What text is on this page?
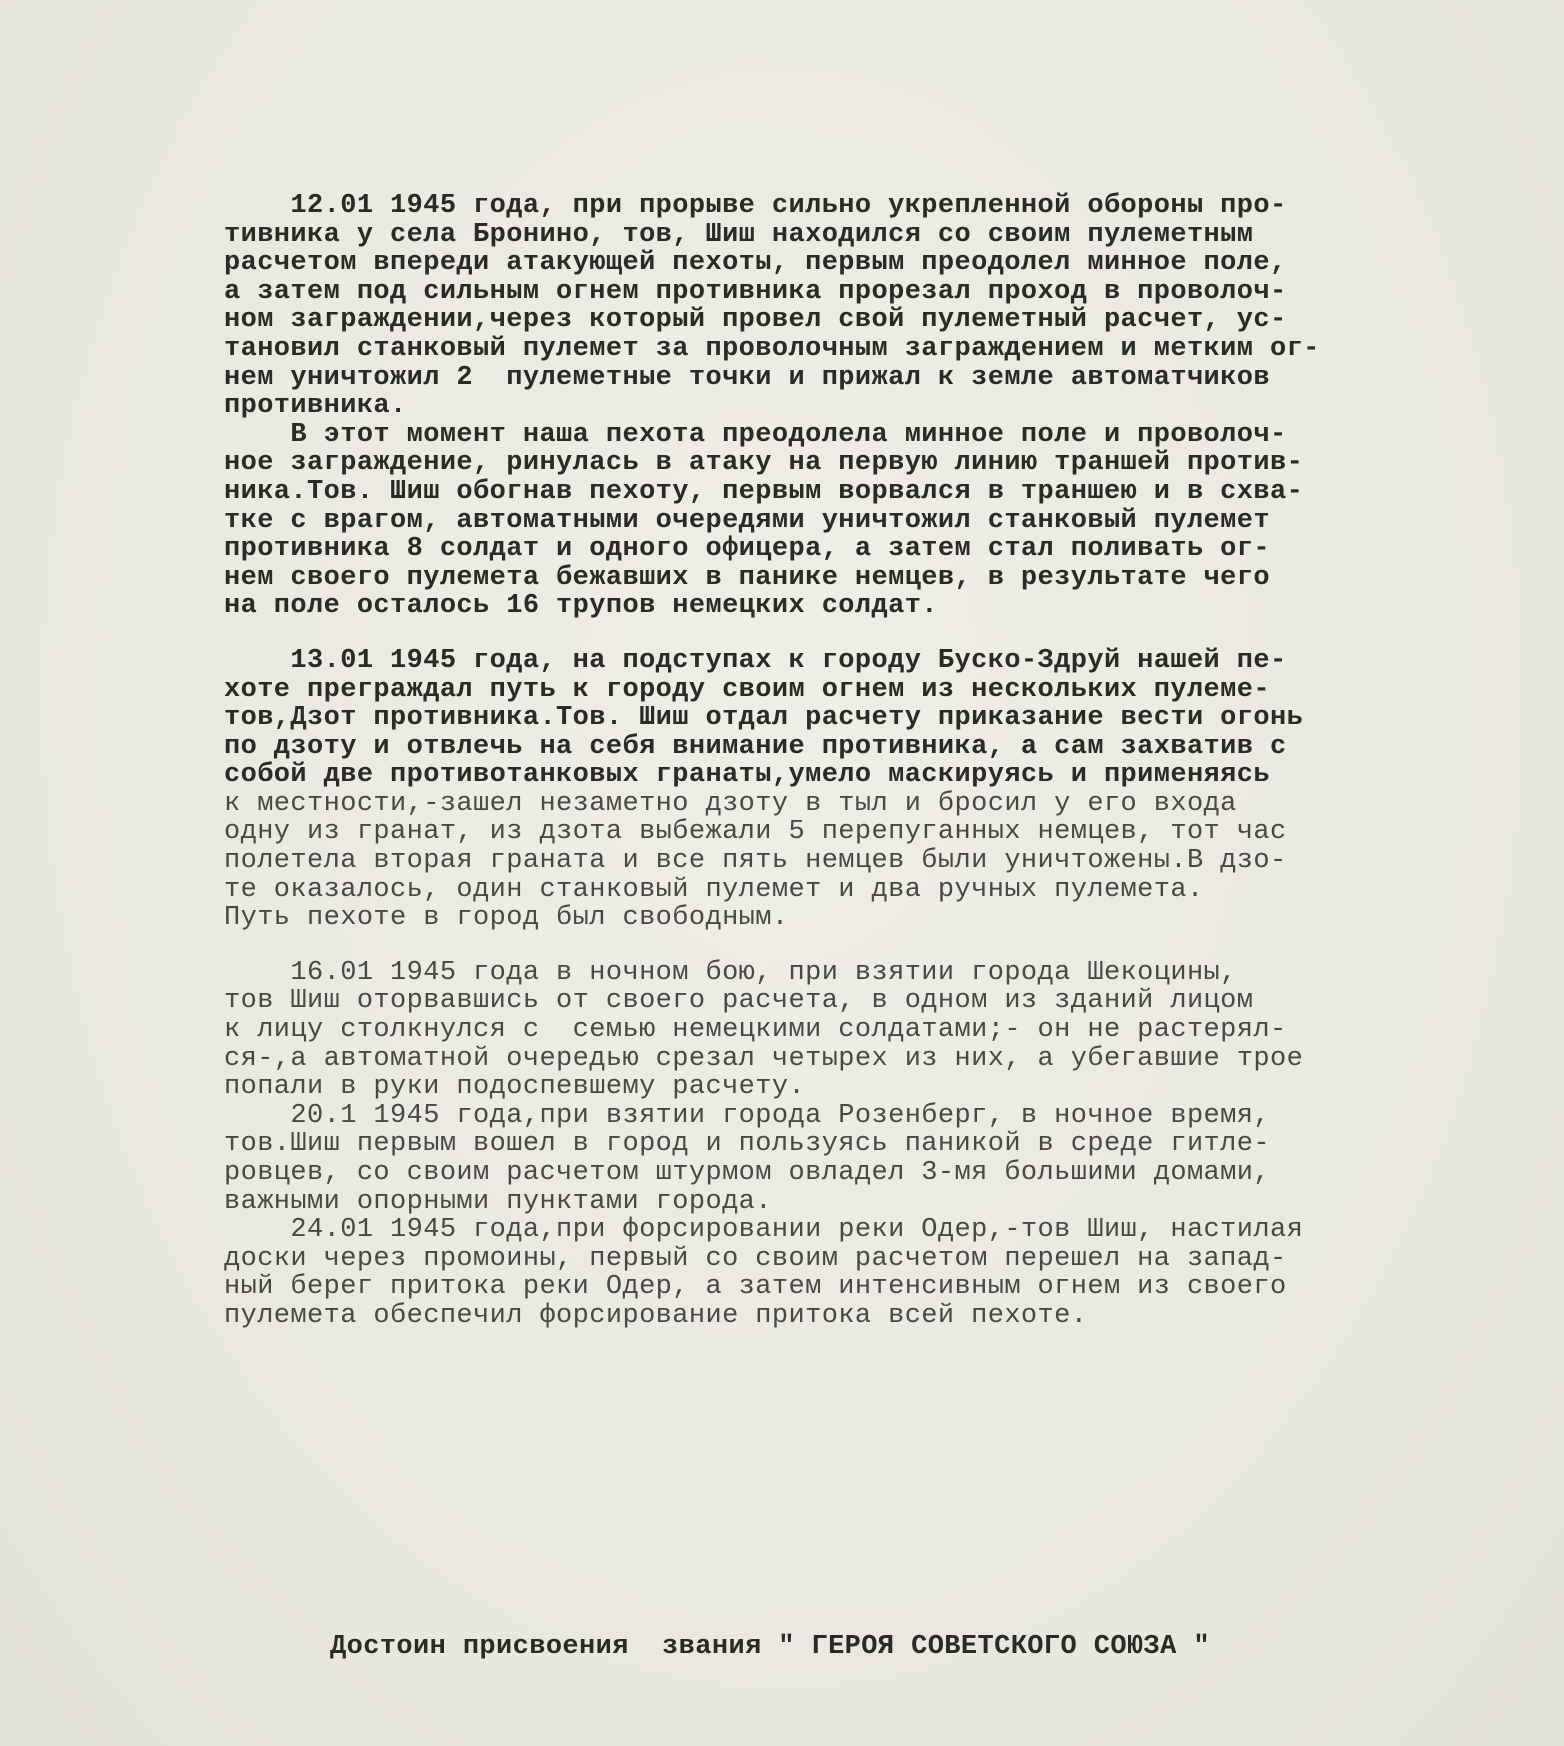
12.01 1945 года, при прорыве сильно укрепленной обороны про-
тивника у села Бронино, тов, Шиш находился со своим пулеметным
расчетом впереди атакующей пехоты, первым преодолел минное поле,
а затем под сильным огнем противника прорезал проход в проволоч-
ном заграждении,через который провел свой пулеметный расчет, ус-
тановил станковый пулемет за проволочным заграждением и метким ог-
нем уничтожил 2  пулеметные точки и прижал к земле автоматчиков
противника.
В этот момент наша пехота преодолела минное поле и проволоч-
ное заграждение, ринулась в атаку на первую линию траншей против-
ника.Тов. Шиш обогнав пехоту, первым ворвался в траншею и в схва-
тке с врагом, автоматными очередями уничтожил станковый пулемет
противника 8 солдат и одного офицера, а затем стал поливать ог-
нем своего пулемета бежавших в панике немцев, в результате чего
на поле осталось 16 трупов немецких солдат.
13.01 1945 года, на подступах к городу Буско-Здруй нашей пе-
хоте преграждал путь к городу своим огнем из нескольких пулеме-
тов,Дзот противника.Тов. Шиш отдал расчету приказание вести огонь
по дзоту и отвлечь на себя внимание противника, а сам захватив с
собой две противотанковых гранаты,умело маскируясь и применяясь
к местности,-зашел незаметно дзоту в тыл и бросил у его входа
одну из гранат, из дзота выбежали 5 перепуганных немцев, тот час
полетела вторая граната и все пять немцев были уничтожены.В дзо-
те оказалось, один станковый пулемет и два ручных пулемета.
Путь пехоте в город был свободным.
16.01 1945 года в ночном бою, при взятии города Шекоцины,
тов Шиш оторвавшись от своего расчета, в одном из зданий лицом
к лицу столкнулся с  семью немецкими солдатами;- он не растерял-
ся-,а автоматной очередью срезал четырех из них, а убегавшие трое
попали в руки подоспевшему расчету.
20.1 1945 года,при взятии города Розенберг, в ночное время,
тов.Шиш первым вошел в город и пользуясь паникой в среде гитле-
ровцев, со своим расчетом штурмом овладел 3-мя большими домами,
важными опорными пунктами города.
24.01 1945 года,при форсировании реки Одер,-тов Шиш, настилая
доски через промоины, первый со своим расчетом перешел на запад-
ный берег притока реки Одер, а затем интенсивным огнем из своего
пулемета обеспечил форсирование притока всей пехоте.
Достоин присвоения  звания " ГЕРОЯ СОВЕТСКОГО СОЮЗА "
